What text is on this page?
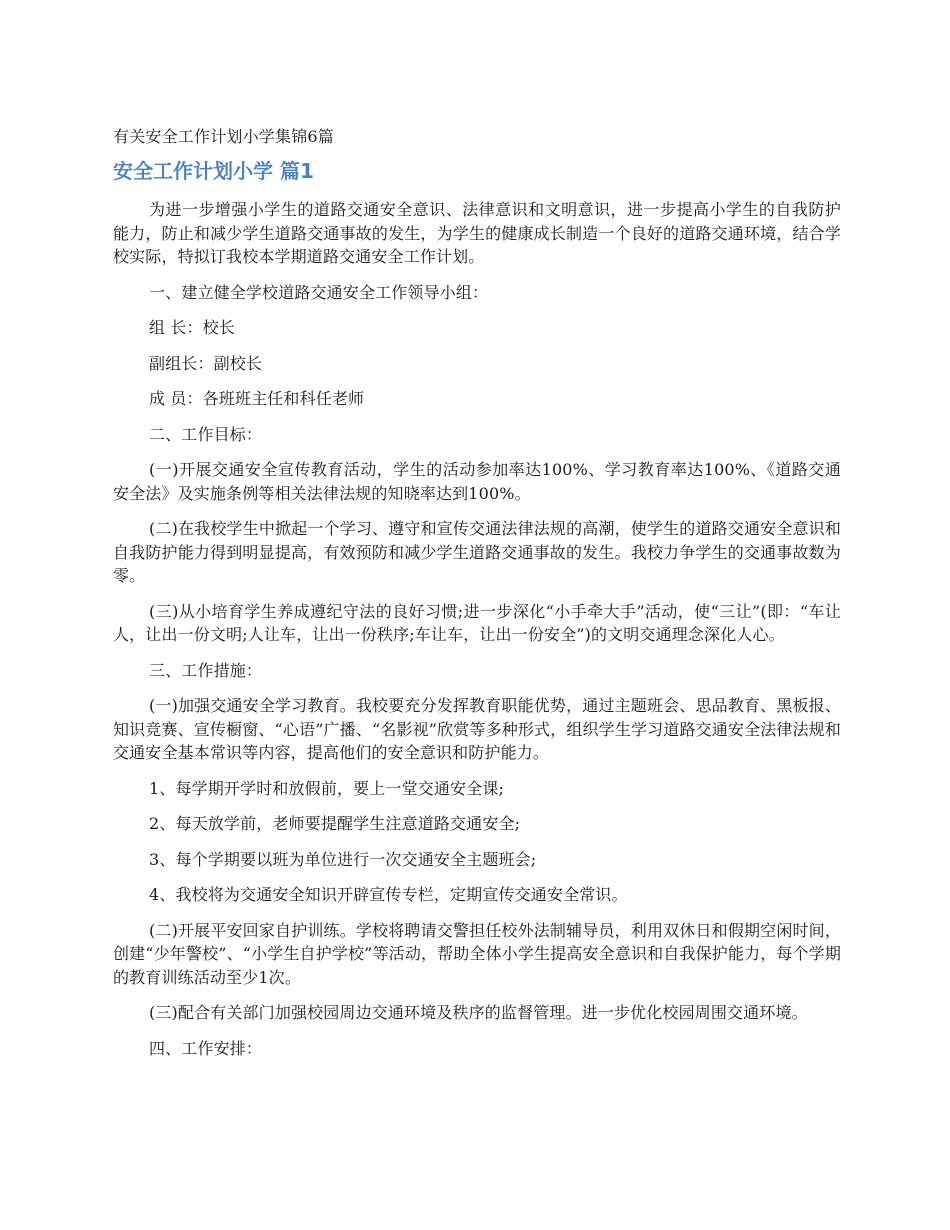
有关安全工作计划小学集锦6篇
安全工作计划小学 篇1

为进一步增强小学生的道路交通安全意识、法律意识和文明意识，进一步提高小学生的自我防护能力，防止和减少学生道路交通事故的发生，为学生的健康成长制造一个良好的道路交通环境，结合学校实际，特拟订我校本学期道路交通安全工作计划。

一、建立健全学校道路交通安全工作领导小组：

组 长：校长

副组长：副校长

成 员：各班班主任和科任老师

二、工作目标：

(一)开展交通安全宣传教育活动，学生的活动参加率达100%、学习教育率达100%、《道路交通安全法》及实施条例等相关法律法规的知晓率达到100%。

(二)在我校学生中掀起一个学习、遵守和宣传交通法律法规的高潮，使学生的道路交通安全意识和自我防护能力得到明显提高，有效预防和减少学生道路交通事故的发生。我校力争学生的交通事故数为零。

(三)从小培育学生养成遵纪守法的良好习惯;进一步深化“小手牵大手”活动，使“三让”(即：“车让人，让出一份文明;人让车，让出一份秩序;车让车，让出一份安全”)的文明交通理念深化人心。

三、工作措施：

(一)加强交通安全学习教育。我校要充分发挥教育职能优势，通过主题班会、思品教育、黑板报、知识竞赛、宣传橱窗、“心语”广播、“名影视”欣赏等多种形式，组织学生学习道路交通安全法律法规和交通安全基本常识等内容，提高他们的安全意识和防护能力。

1、每学期开学时和放假前，要上一堂交通安全课;

2、每天放学前，老师要提醒学生注意道路交通安全;

3、每个学期要以班为单位进行一次交通安全主题班会;

4、我校将为交通安全知识开辟宣传专栏，定期宣传交通安全常识。

(二)开展平安回家自护训练。学校将聘请交警担任校外法制辅导员，利用双休日和假期空闲时间，创建“少年警校”、“小学生自护学校”等活动，帮助全体小学生提高安全意识和自我保护能力，每个学期的教育训练活动至少1次。

(三)配合有关部门加强校园周边交通环境及秩序的监督管理。进一步优化校园周围交通环境。

四、工作安排：
